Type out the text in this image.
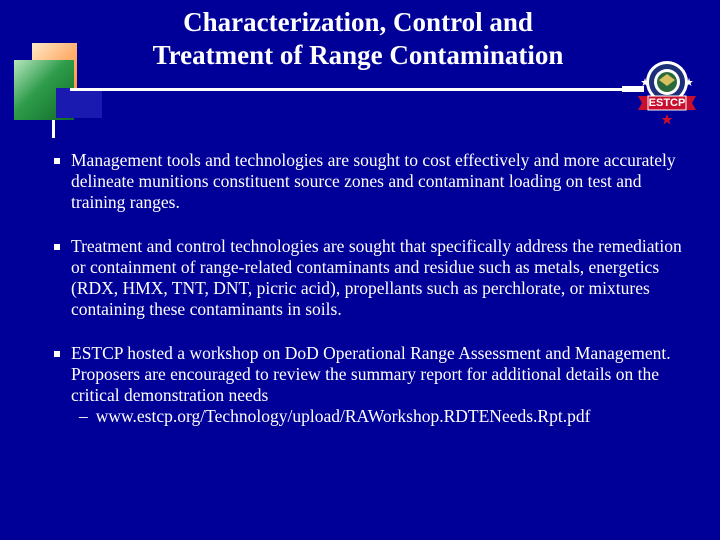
Characterization, Control and
Treatment of Range Contamination
ESTCP

Management tools and technologies are sought to cost effectively and more accurately delineate munitions constituent source zones and contaminant loading on test and training ranges.

Treatment and control technologies are sought that specifically address the remediation or containment of range-related contaminants and residue such as metals, energetics (RDX, HMX, TNT, DNT, picric acid), propellants such as perchlorate, or mixtures containing these contaminants in soils.

ESTCP hosted a workshop on DoD Operational Range Assessment and Management. Proposers are encouraged to review the summary report for additional details on the critical demonstration needs

– www.estcp.org/Technology/upload/RAWorkshop.RDTENeeds.Rpt.pdf
